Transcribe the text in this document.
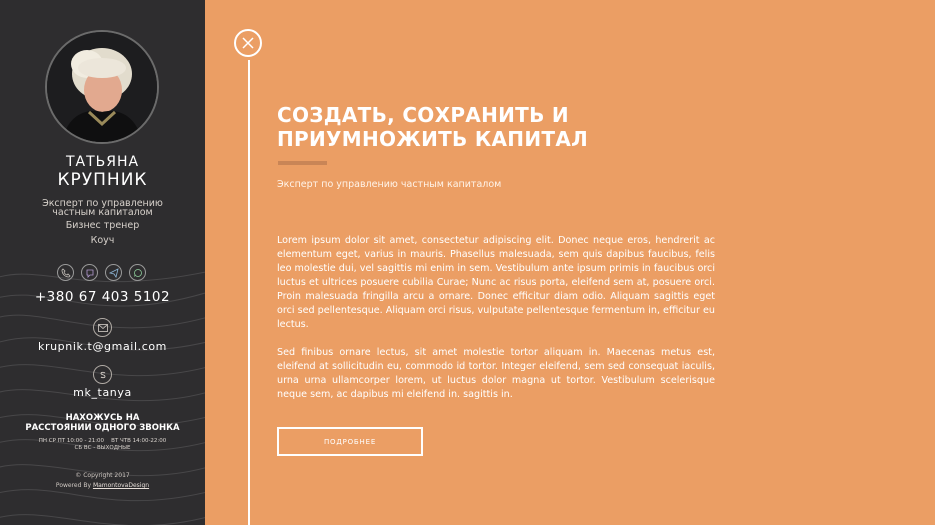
ТАТЬЯНА
КРУПНИК
Эксперт по управлению
частным капиталом
Бизнес тренер
Коуч
+380 67 403 5102
krupnik.t@gmail.com
mk_tanya
НАХОЖУСЬ НА
РАССТОЯНИИ ОДНОГО ЗВОНКА
ПН СР ПТ 10:00 - 21:00 ВТ ЧТВ 14:00-22:00
СБ ВС - ВЫХОДНЫЕ
© Copyright 2017
Powered By MamontovaDesign
СОЗДАТЬ, СОХРАНИТЬ И
ПРИУМНОЖИТЬ КАПИТАЛ
Эксперт по управлению частным капиталом
Lorem ipsum dolor sit amet, consectetur adipiscing elit. Donec neque eros, hendrerit ac elementum eget, varius in mauris. Phasellus malesuada, sem quis dapibus faucibus, felis leo molestie dui, vel sagittis mi enim in sem. Vestibulum ante ipsum primis in faucibus orci luctus et ultrices posuere cubilia Curae; Nunc ac risus porta, eleifend sem at, posuere orci. Proin malesuada fringilla arcu a ornare. Donec efficitur diam odio. Aliquam sagittis eget orci sed pellentesque. Aliquam orci risus, vulputate pellentesque fermentum in, efficitur eu lectus.
Sed finibus ornare lectus, sit amet molestie tortor aliquam in. Maecenas metus est, eleifend at sollicitudin eu, commodo id tortor. Integer eleifend, sem sed consequat iaculis, urna urna ullamcorper lorem, ut luctus dolor magna ut tortor. Vestibulum scelerisque neque sem, ac dapibus mi eleifend in. sagittis in.
ПОДРОБНЕЕ
